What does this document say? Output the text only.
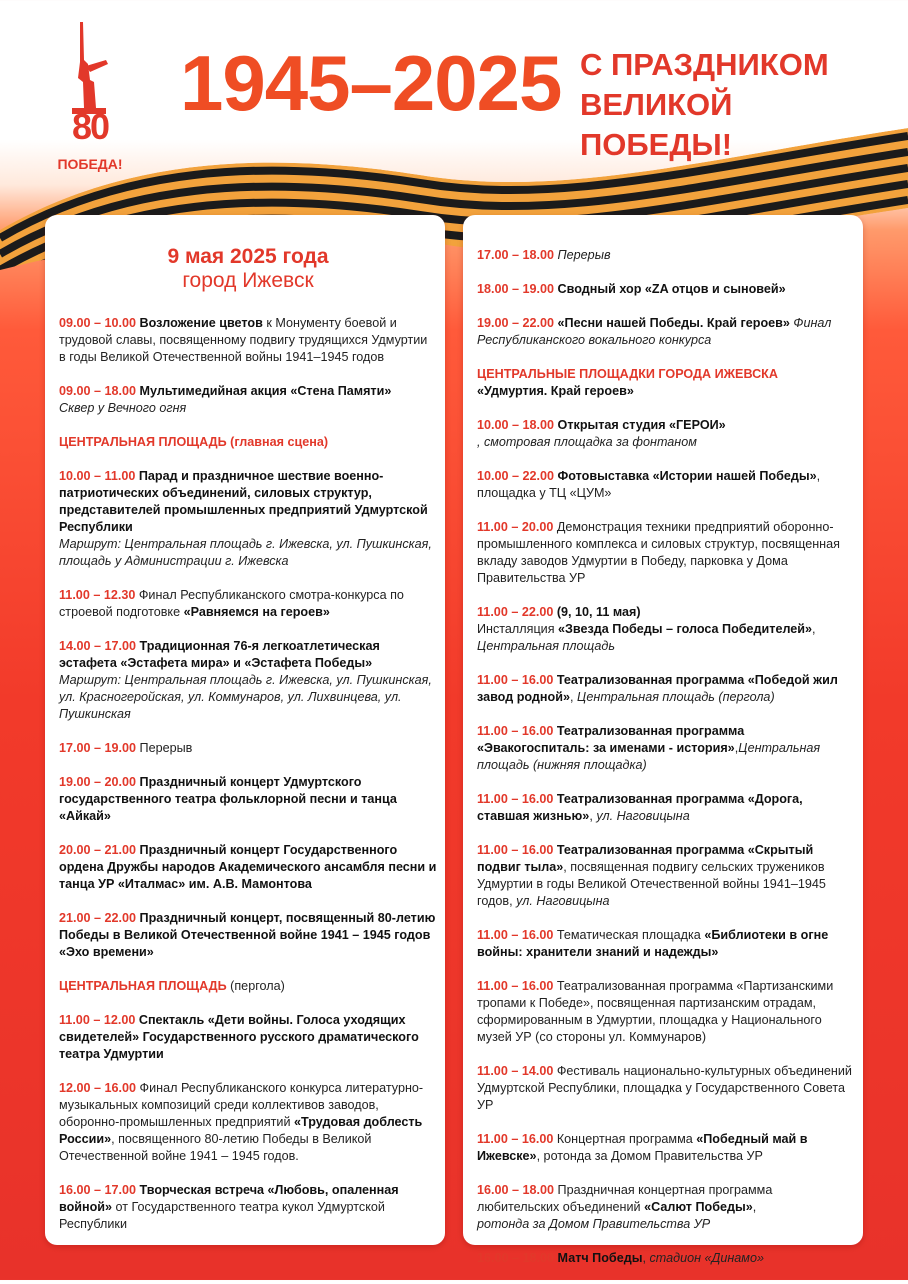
80
ПОБЕДА!
1945–2025 С ПРАЗДНИКОМ
ВЕЛИКОЙ ПОБЕДЫ!
9 мая 2025 года
город Ижевск
09.00 – 10.00 Возложение цветов к Монументу боевой и трудовой славы, посвященному подвигу трудящихся Удмуртии в годы Великой Отечественной войны 1941–1945 годов
09.00 – 18.00 Мультимедийная акция «Стена Памяти»
Сквер у Вечного огня
ЦЕНТРАЛЬНАЯ ПЛОЩАДЬ (главная сцена)
10.00 – 11.00 Парад и праздничное шествие военно-патриотических объединений, силовых структур, представителей промышленных предприятий Удмуртской Республики
Маршрут: Центральная площадь г. Ижевска, ул. Пушкинская, площадь у Администрации г. Ижевска
11.00 – 12.30 Финал Республиканского смотра-конкурса по строевой подготовке «Равняемся на героев»
14.00 – 17.00 Традиционная 76-я легкоатлетическая эстафета «Эстафета мира» и «Эстафета Победы»
Маршрут: Центральная площадь г. Ижевска, ул. Пушкинская, ул. Красногеройская, ул. Коммунаров, ул. Лихвинцева, ул. Пушкинская
17.00 – 19.00 Перерыв
19.00 – 20.00 Праздничный концерт Удмуртского государственного театра фольклорной песни и танца «Айкай»
20.00 – 21.00 Праздничный концерт Государственного ордена Дружбы народов Академического ансамбля песни и танца УР «Италмас» им. А.В. Мамонтова
21.00 – 22.00 Праздничный концерт, посвященный 80-летию Победы в Великой Отечественной войне 1941 – 1945 годов «Эхо времени»
ЦЕНТРАЛЬНАЯ ПЛОЩАДЬ (пергола)
11.00 – 12.00 Спектакль «Дети войны. Голоса уходящих свидетелей» Государственного русского драматического театра Удмуртии
12.00 – 16.00 Финал Республиканского конкурса литературно-музыкальных композиций среди коллективов заводов, оборонно-промышленных предприятий «Трудовая доблесть России», посвященного 80-летию Победы в Великой Отечественной войне 1941 – 1945 годов.
16.00 – 17.00 Творческая встреча «Любовь, опаленная войной» от Государственного театра кукол Удмуртской Республики
17.00 – 18.00 Перерыв
18.00 – 19.00 Сводный хор «ZA отцов и сыновей»
19.00 – 22.00 «Песни нашей Победы. Край героев» Финал Республиканского вокального конкурса
ЦЕНТРАЛЬНЫЕ ПЛОЩАДКИ ГОРОДА ИЖЕВСКА
«Удмуртия. Край героев»
10.00 – 18.00 Открытая студия «ГЕРОИ»
, смотровая площадка за фонтаном
10.00 – 22.00 Фотовыставка «Истории нашей Победы», площадка у ТЦ «ЦУМ»
11.00 – 20.00 Демонстрация техники предприятий оборонно-промышленного комплекса и силовых структур, посвященная вкладу заводов Удмуртии в Победу, парковка у Дома Правительства УР
11.00 – 22.00 (9, 10, 11 мая)
Инсталляция «Звезда Победы – голоса Победителей»,
Центральная площадь
11.00 – 16.00 Театрализованная программа «Победой жил завод родной», Центральная площадь (пергола)
11.00 – 16.00 Театрализованная программа «Эвакогоспиталь: за именами - история»,Центральная площадь (нижняя площадка)
11.00 – 16.00 Театрализованная программа «Дорога, ставшая жизнью», ул. Наговицына
11.00 – 16.00 Театрализованная программа «Скрытый подвиг тыла», посвященная подвигу сельских тружеников Удмуртии в годы Великой Отечественной войны 1941–1945 годов, ул. Наговицына
11.00 – 16.00 Тематическая площадка «Библиотеки в огне войны: хранители знаний и надежды»
11.00 – 16.00 Театрализованная программа «Партизанскими тропами к Победе», посвященная партизанским отрадам, сформированным в Удмуртии, площадка у Национального музей УР (со стороны ул. Коммунаров)
11.00 – 14.00 Фестиваль национально-культурных объединений Удмуртской Республики, площадка у Государственного Совета УР
11.00 – 16.00 Концертная программа «Победный май в Ижевске», ротонда за Домом Правительства УР
16.00 – 18.00 Праздничная концертная программа любительских объединений «Салют Победы»,
ротонда за Домом Правительства УР
16.00 – 18.00 Матч Победы, стадион «Динамо»
